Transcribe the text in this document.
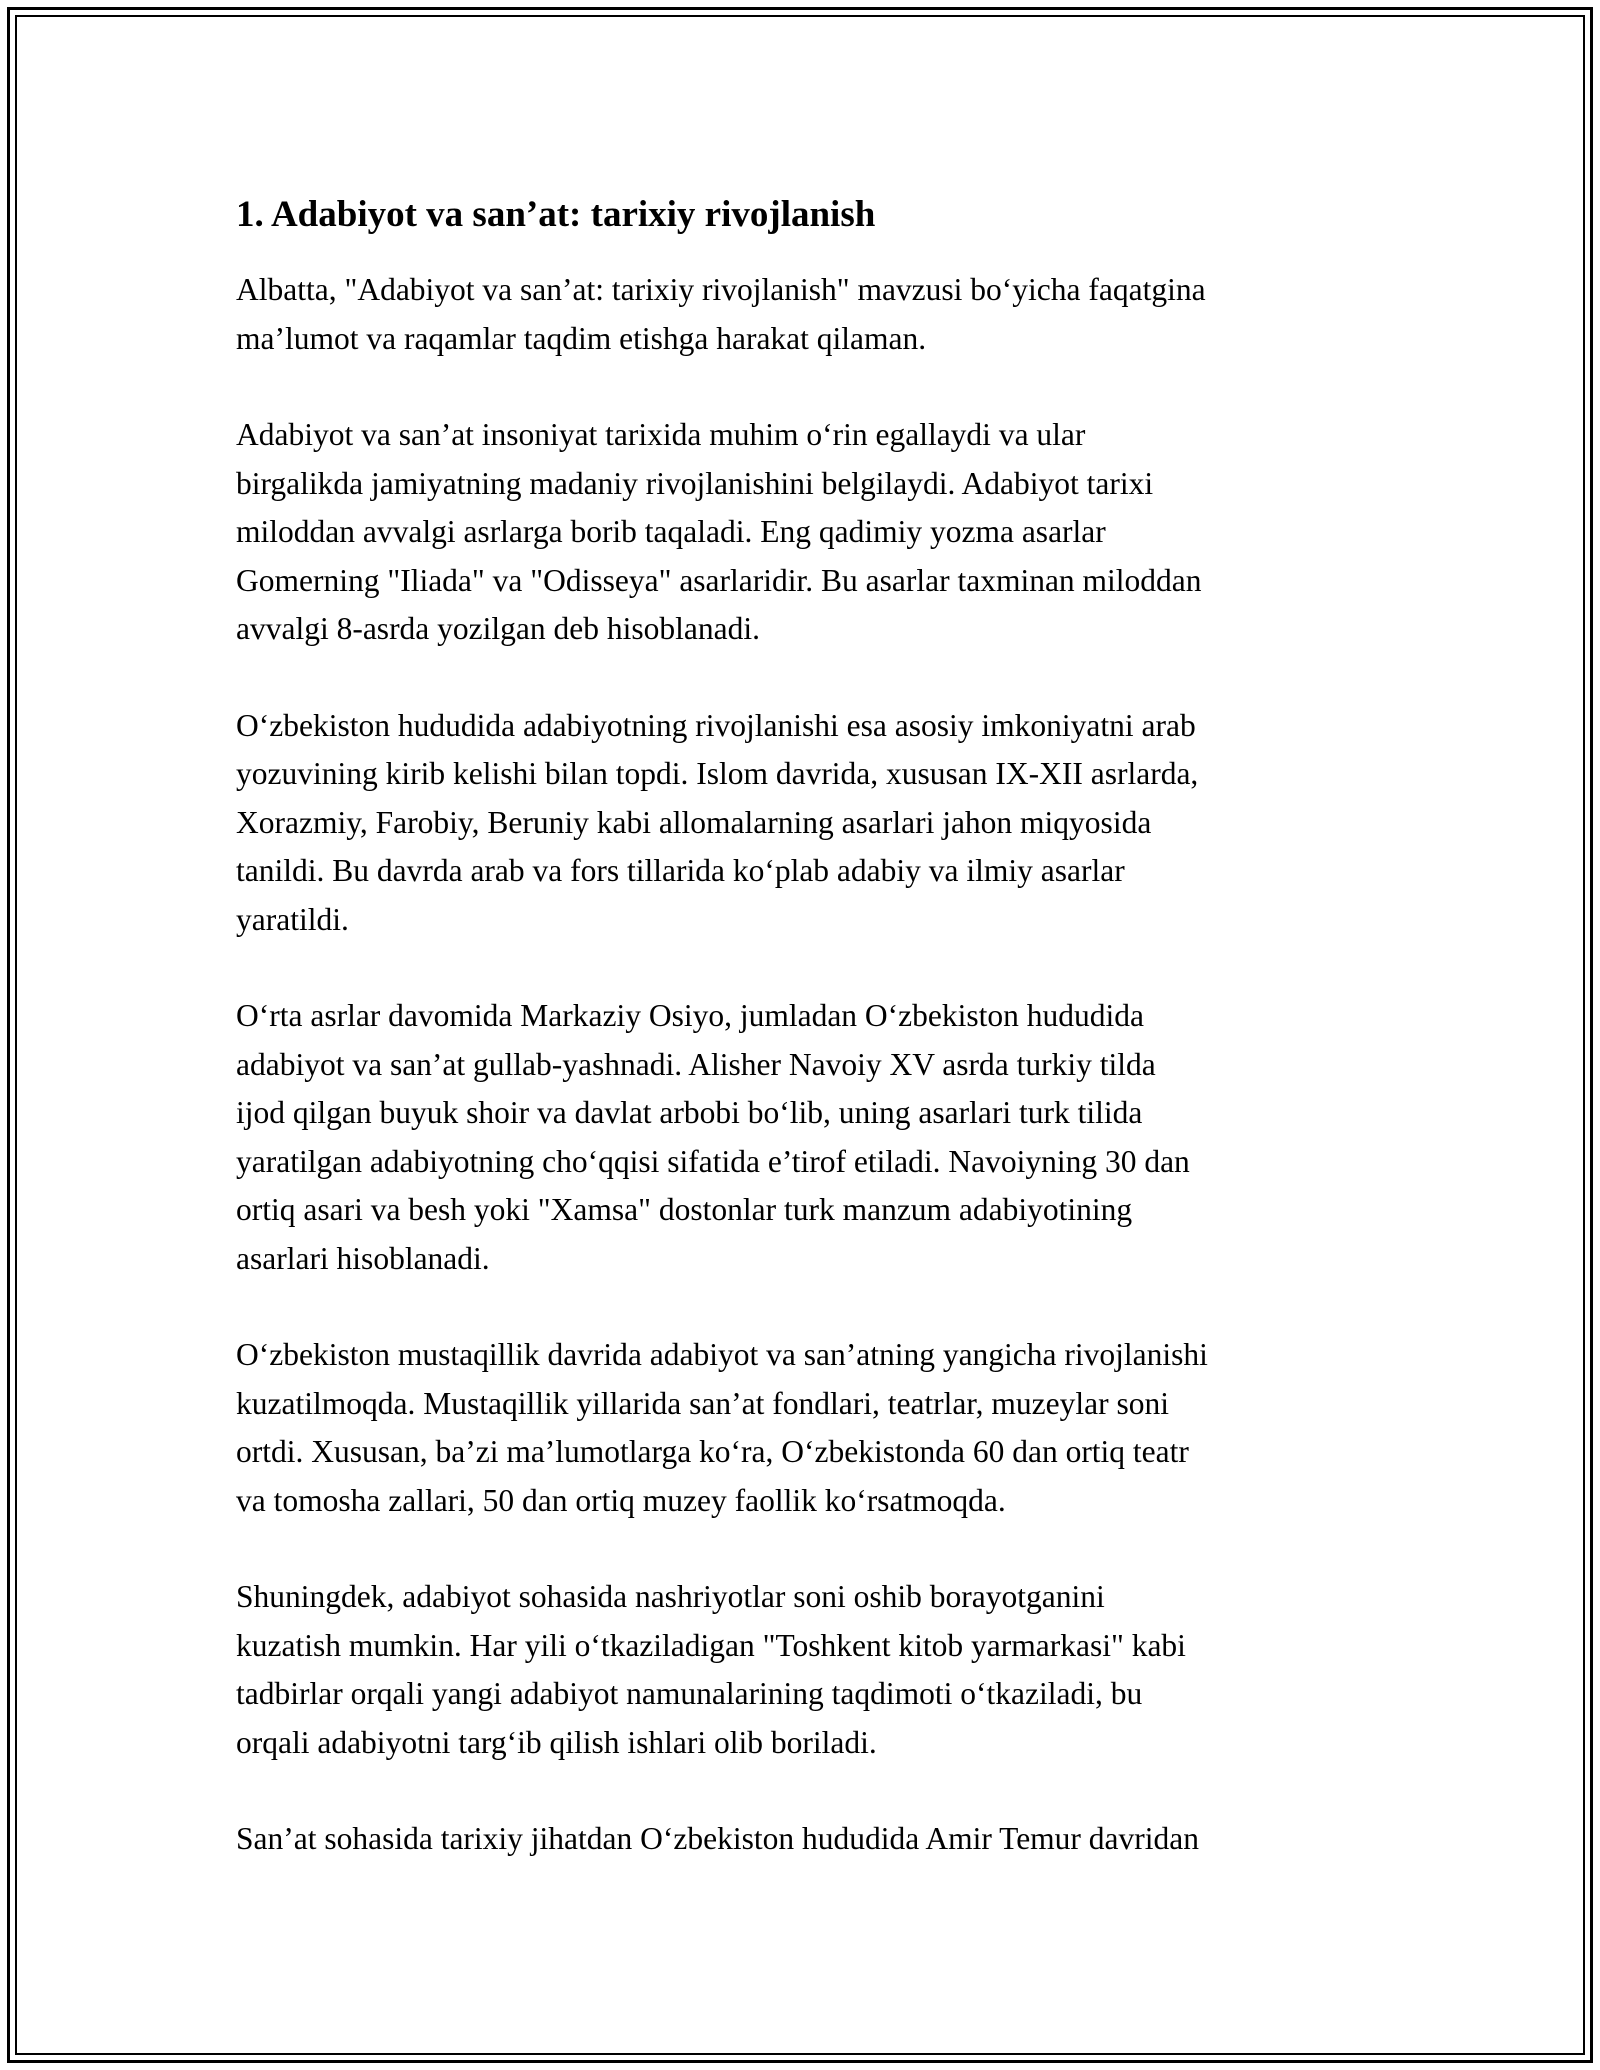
1. Adabiyot va san’at: tarixiy rivojlanish

Albatta, "Adabiyot va san’at: tarixiy rivojlanish" mavzusi bo‘yicha faqatgina
ma’lumot va raqamlar taqdim etishga harakat qilaman.

Adabiyot va san’at insoniyat tarixida muhim o‘rin egallaydi va ular
birgalikda jamiyatning madaniy rivojlanishini belgilaydi. Adabiyot tarixi
miloddan avvalgi asrlarga borib taqaladi. Eng qadimiy yozma asarlar
Gomerning "Iliada" va "Odisseya" asarlaridir. Bu asarlar taxminan miloddan
avvalgi 8-asrda yozilgan deb hisoblanadi.

O‘zbekiston hududida adabiyotning rivojlanishi esa asosiy imkoniyatni arab
yozuvining kirib kelishi bilan topdi. Islom davrida, xususan IX-XII asrlarda,
Xorazmiy, Farobiy, Beruniy kabi allomalarning asarlari jahon miqyosida
tanildi. Bu davrda arab va fors tillarida ko‘plab adabiy va ilmiy asarlar
yaratildi.

O‘rta asrlar davomida Markaziy Osiyo, jumladan O‘zbekiston hududida
adabiyot va san’at gullab-yashnadi. Alisher Navoiy XV asrda turkiy tilda
ijod qilgan buyuk shoir va davlat arbobi bo‘lib, uning asarlari turk tilida
yaratilgan adabiyotning cho‘qqisi sifatida e’tirof etiladi. Navoiyning 30 dan
ortiq asari va besh yoki "Xamsa" dostonlar turk manzum adabiyotining
asarlari hisoblanadi.

O‘zbekiston mustaqillik davrida adabiyot va san’atning yangicha rivojlanishi
kuzatilmoqda. Mustaqillik yillarida san’at fondlari, teatrlar, muzeylar soni
ortdi. Xususan, ba’zi ma’lumotlarga ko‘ra, O‘zbekistonda 60 dan ortiq teatr
va tomosha zallari, 50 dan ortiq muzey faollik ko‘rsatmoqda.

Shuningdek, adabiyot sohasida nashriyotlar soni oshib borayotganini
kuzatish mumkin. Har yili o‘tkaziladigan "Toshkent kitob yarmarkasi" kabi
tadbirlar orqali yangi adabiyot namunalarining taqdimoti o‘tkaziladi, bu
orqali adabiyotni targ‘ib qilish ishlari olib boriladi.

San’at sohasida tarixiy jihatdan O‘zbekiston hududida Amir Temur davridan
